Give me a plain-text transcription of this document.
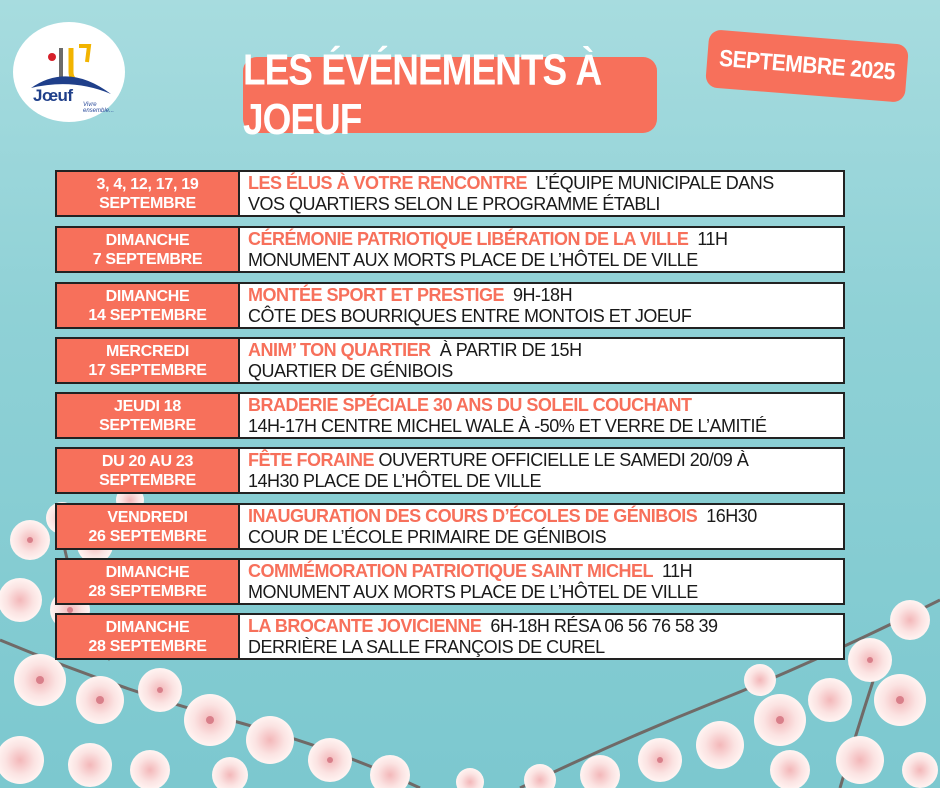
Jœuf Vivre ensemble...
LES ÉVÉNEMENTS À JOEUF
SEPTEMBRE 2025
3, 4, 12, 17, 19
SEPTEMBRE
LES ÉLUS À VOTRE RENCONTRE L’ÉQUIPE MUNICIPALE DANS
VOS QUARTIERS SELON LE PROGRAMME ÉTABLI
DIMANCHE
7 SEPTEMBRE
CÉRÉMONIE PATRIOTIQUE LIBÉRATION DE LA VILLE 11H
MONUMENT AUX MORTS PLACE DE L’HÔTEL DE VILLE
DIMANCHE
14 SEPTEMBRE
MONTÉE SPORT ET PRESTIGE 9H-18H
CÔTE DES BOURRIQUES ENTRE MONTOIS ET JOEUF
MERCREDI
17 SEPTEMBRE
ANIM’ TON QUARTIER À PARTIR DE 15H
QUARTIER DE GÉNIBOIS
JEUDI 18
SEPTEMBRE
BRADERIE SPÉCIALE 30 ANS DU SOLEIL COUCHANT
14H-17H CENTRE MICHEL WALE À -50% ET VERRE DE L’AMITIÉ
DU 20 AU 23
SEPTEMBRE
FÊTE FORAINE OUVERTURE OFFICIELLE LE SAMEDI 20/09 À
14H30 PLACE DE L’HÔTEL DE VILLE
VENDREDI
26 SEPTEMBRE
INAUGURATION DES COURS D’ÉCOLES DE GÉNIBOIS 16H30
COUR DE L’ÉCOLE PRIMAIRE DE GÉNIBOIS
DIMANCHE
28 SEPTEMBRE
COMMÉMORATION PATRIOTIQUE SAINT MICHEL 11H
MONUMENT AUX MORTS PLACE DE L’HÔTEL DE VILLE
DIMANCHE
28 SEPTEMBRE
LA BROCANTE JOVICIENNE 6H-18H RÉSA 06 56 76 58 39
DERRIÈRE LA SALLE FRANÇOIS DE CUREL
